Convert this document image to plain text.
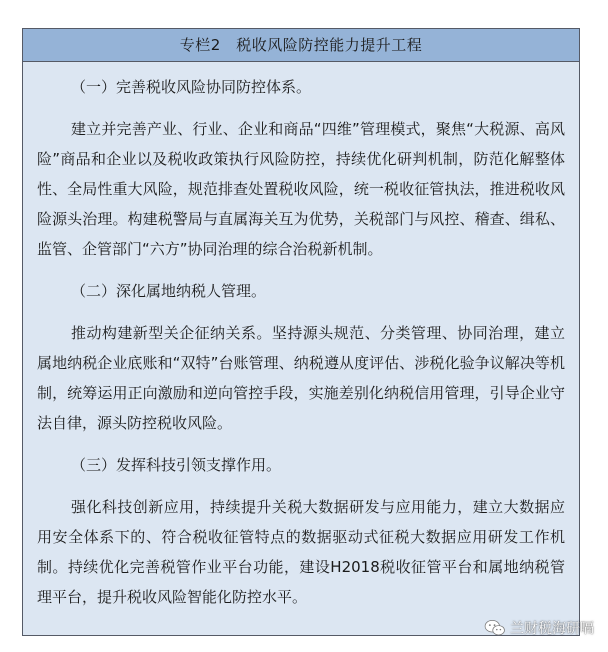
专栏2　税收风险防控能力提升工程
（一）完善税收风险协同防控体系。
建立并完善产业、行业、企业和商品“四维”管理模式，聚焦“大税源、高风险”商品和企业以及税收政策执行风险防控，持续优化研判机制，防范化解整体性、全局性重大风险，规范排查处置税收风险，统一税收征管执法，推进税收风险源头治理。构建税警局与直属海关互为优势，关税部门与风控、稽查、缉私、监管、企管部门“六方”协同治理的综合治税新机制。
（二）深化属地纳税人管理。
推动构建新型关企征纳关系。坚持源头规范、分类管理、协同治理，建立属地纳税企业底账和“双特”台账管理、纳税遵从度评估、涉税化验争议解决等机制，统筹运用正向激励和逆向管控手段，实施差别化纳税信用管理，引导企业守法自律，源头防控税收风险。
（三）发挥科技引领支撑作用。
强化科技创新应用，持续提升关税大数据研发与应用能力，建立大数据应用安全体系下的、符合税收征管特点的数据驱动式征税大数据应用研发工作机制。持续优化完善税管作业平台功能，建设H2018税收征管平台和属地纳税管理平台，提升税收风险智能化防控水平。
兰财税海研嗝
